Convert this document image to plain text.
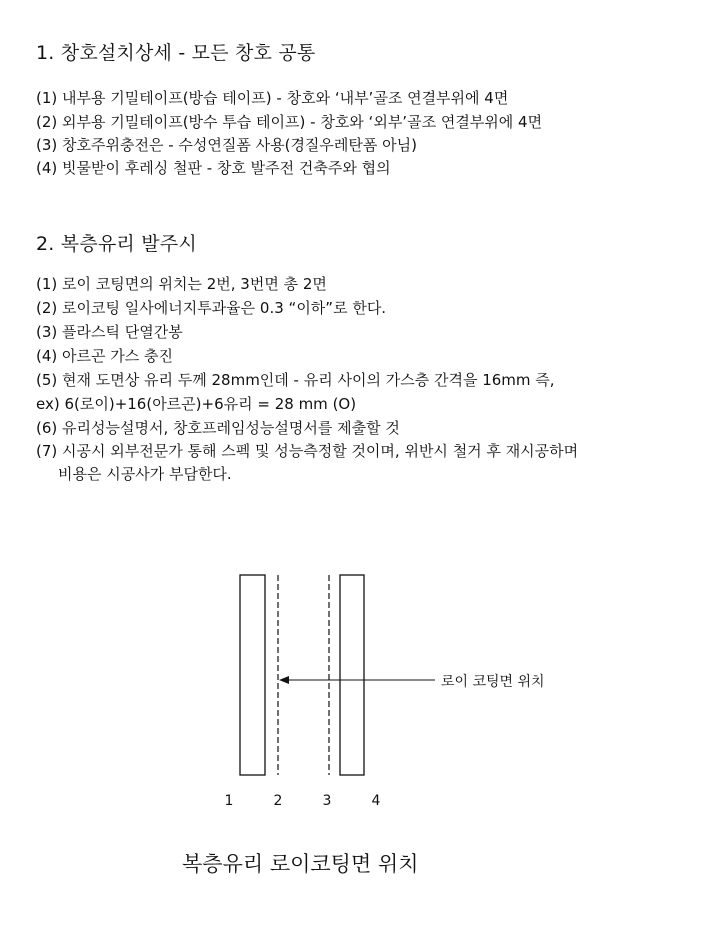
1. 창호설치상세 - 모든 창호 공통
(1) 내부용 기밀테이프(방습 테이프) - 창호와 ‘내부’골조 연결부위에 4면
(2) 외부용 기밀테이프(방수 투습 테이프) - 창호와 ‘외부’골조 연결부위에 4면
(3) 창호주위충전은 - 수성연질폼 사용(경질우레탄폼 아님)
(4) 빗물받이 후레싱 철판 - 창호 발주전 건축주와 협의
2. 복층유리 발주시
(1) 로이 코팅면의 위치는 2번, 3번면 총 2면
(2) 로이코팅 일사에너지투과율은 0.3 “이하”로 한다.
(3) 플라스틱 단열간봉
(4) 아르곤 가스 충진
(5) 현재 도면상 유리 두께 28mm인데 - 유리 사이의 가스층 간격을 16mm 즉,
ex) 6(로이)+16(아르곤)+6유리 = 28 mm (O)
(6) 유리성능설명서, 창호프레임성능설명서를 제출할 것
(7) 시공시 외부전문가 통해 스펙 및 성능측정할 것이며, 위반시 철거 후 재시공하며
비용은 시공사가 부담한다.
로이 코팅면 위치
1	2	3	4
복층유리 로이코팅면 위치
